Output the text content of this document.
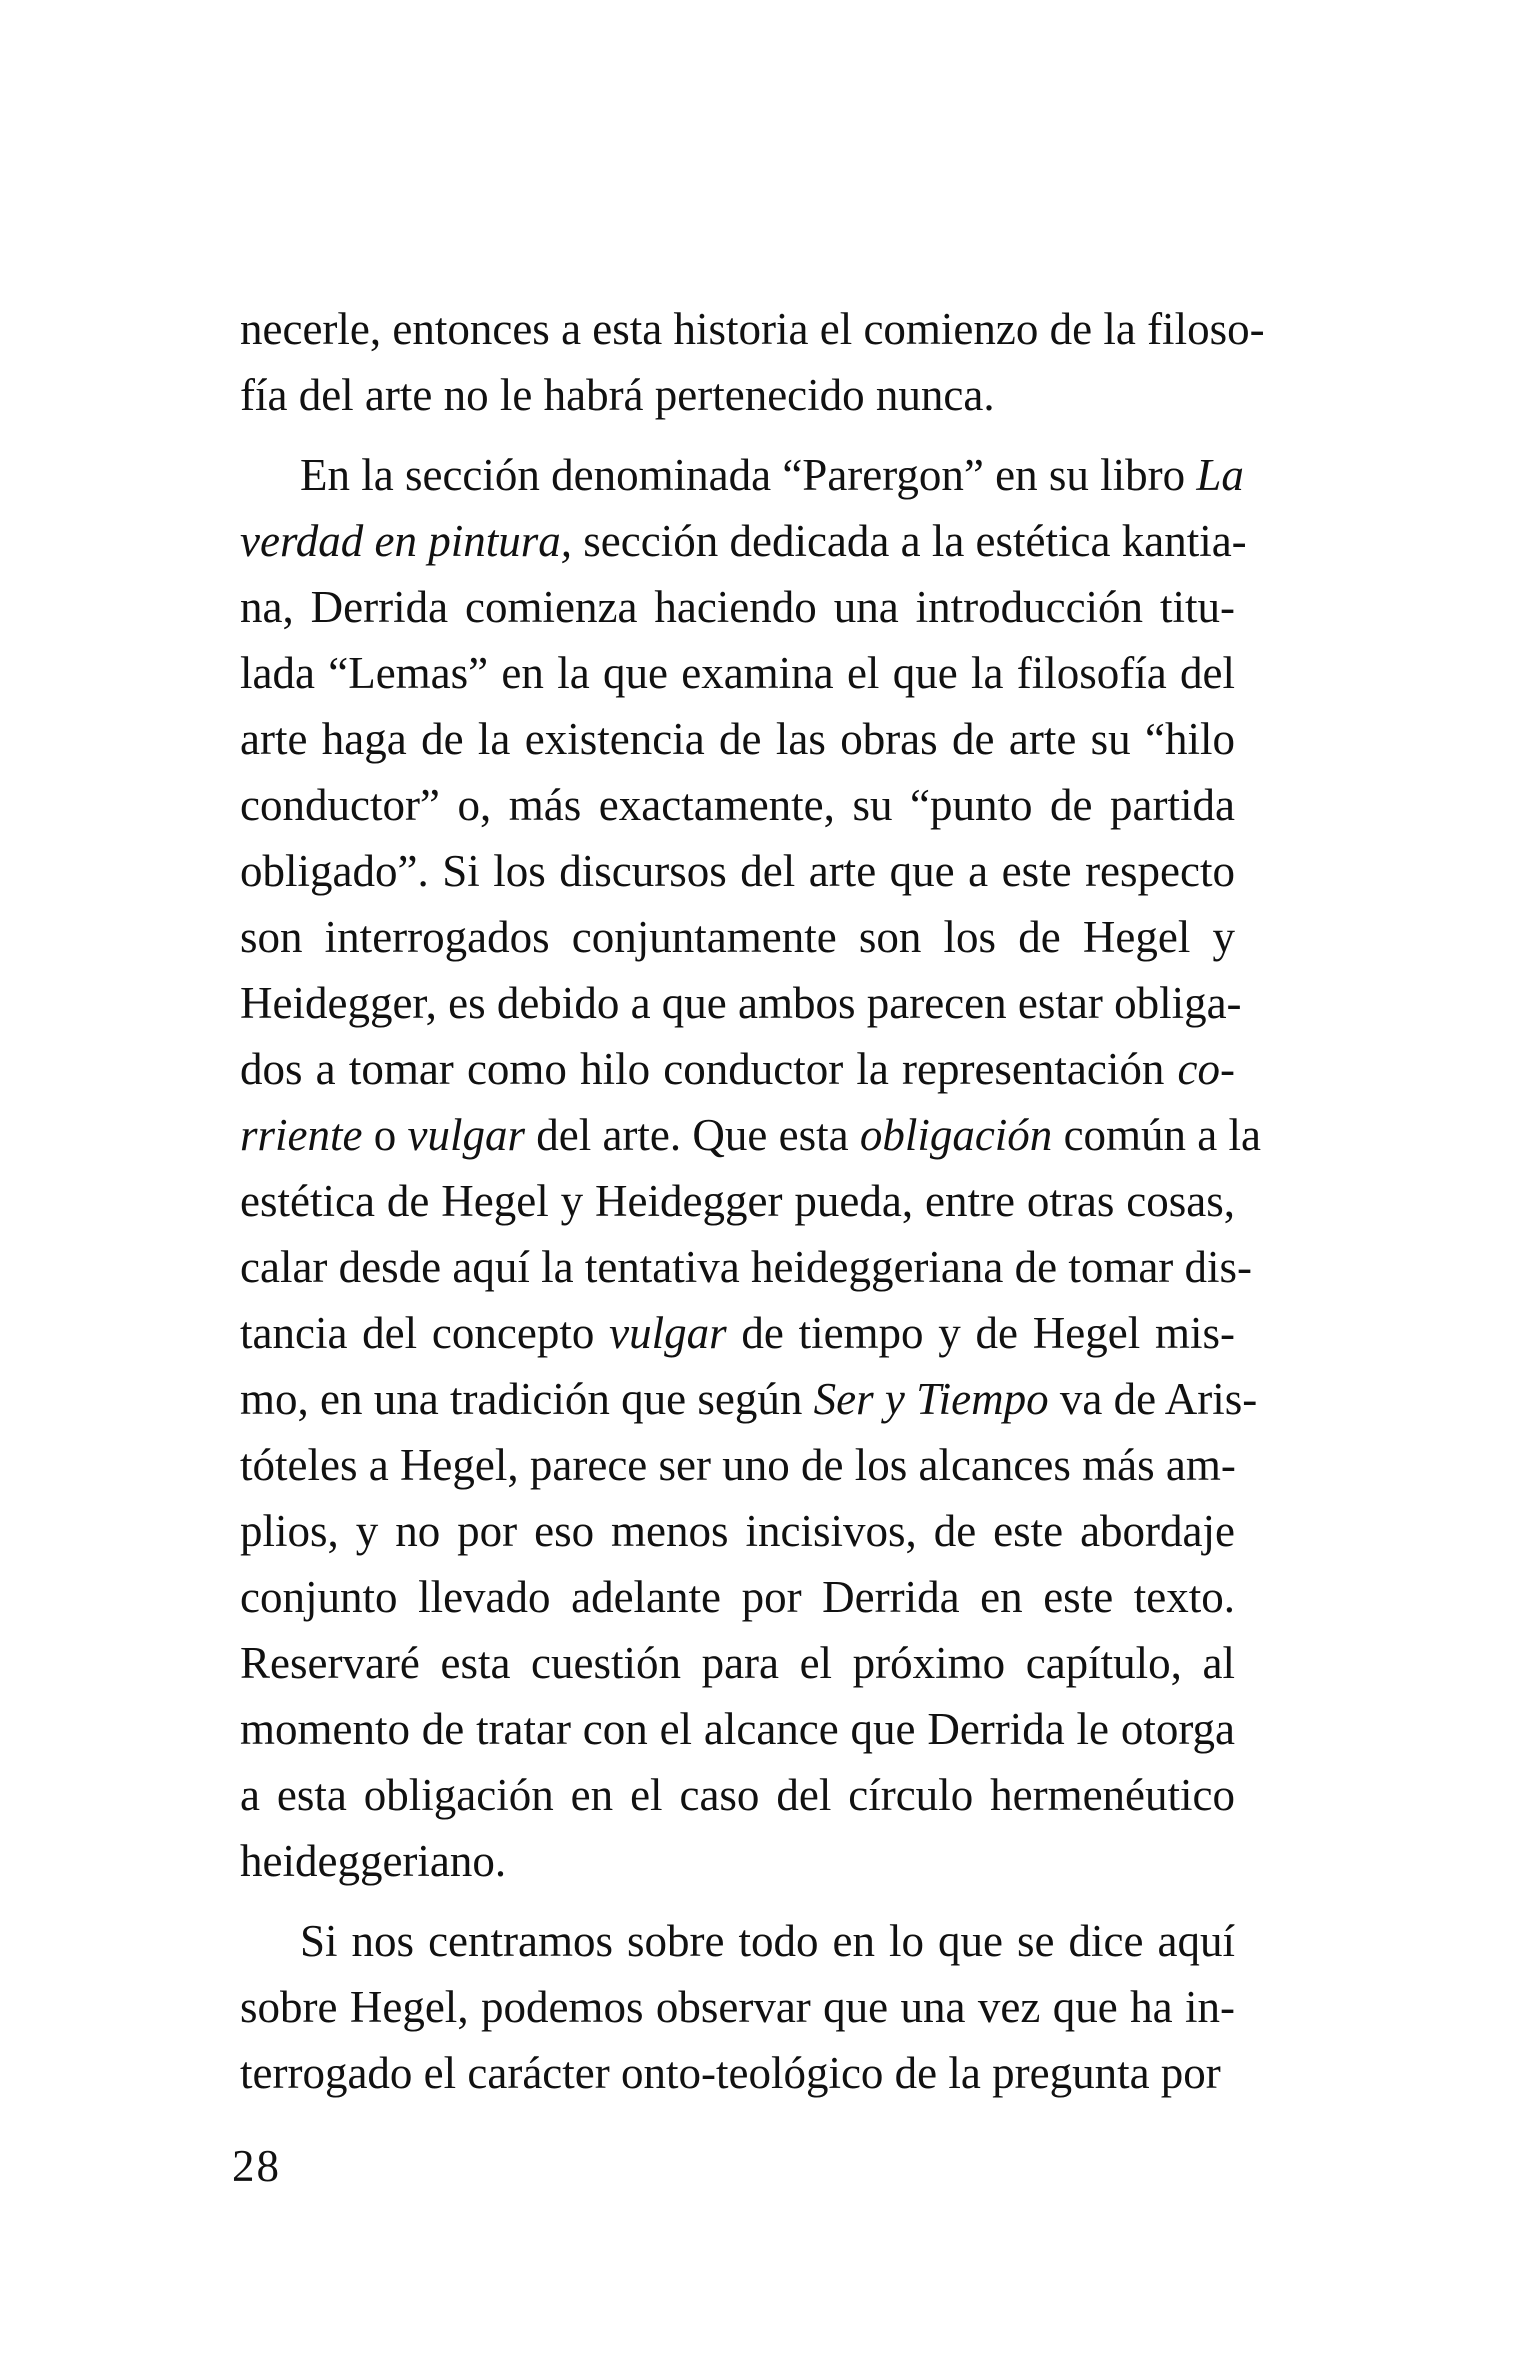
necerle, entonces a esta historia el comienzo de la filoso-
fía del arte no le habrá pertenecido nunca.
En la sección denominada “Parergon” en su libro La
verdad en pintura, sección dedicada a la estética kantia-
na, Derrida comienza haciendo una introducción titu-
lada “Lemas” en la que examina el que la filosofía del
arte haga de la existencia de las obras de arte su “hilo
conductor” o, más exactamente, su “punto de partida
obligado”. Si los discursos del arte que a este respecto
son interrogados conjuntamente son los de Hegel y
Heidegger, es debido a que ambos parecen estar obliga-
dos a tomar como hilo conductor la representación co-
rriente o vulgar del arte. Que esta obligación común a la
estética de Hegel y Heidegger pueda, entre otras cosas,
calar desde aquí la tentativa heideggeriana de tomar dis-
tancia del concepto vulgar de tiempo y de Hegel mis-
mo, en una tradición que según Ser y Tiempo va de Aris-
tóteles a Hegel, parece ser uno de los alcances más am-
plios, y no por eso menos incisivos, de este abordaje
conjunto llevado adelante por Derrida en este texto.
Reservaré esta cuestión para el próximo capítulo, al
momento de tratar con el alcance que Derrida le otorga
a esta obligación en el caso del círculo hermenéutico
heideggeriano.
Si nos centramos sobre todo en lo que se dice aquí
sobre Hegel, podemos observar que una vez que ha in-
terrogado el carácter onto-teológico de la pregunta por
28
